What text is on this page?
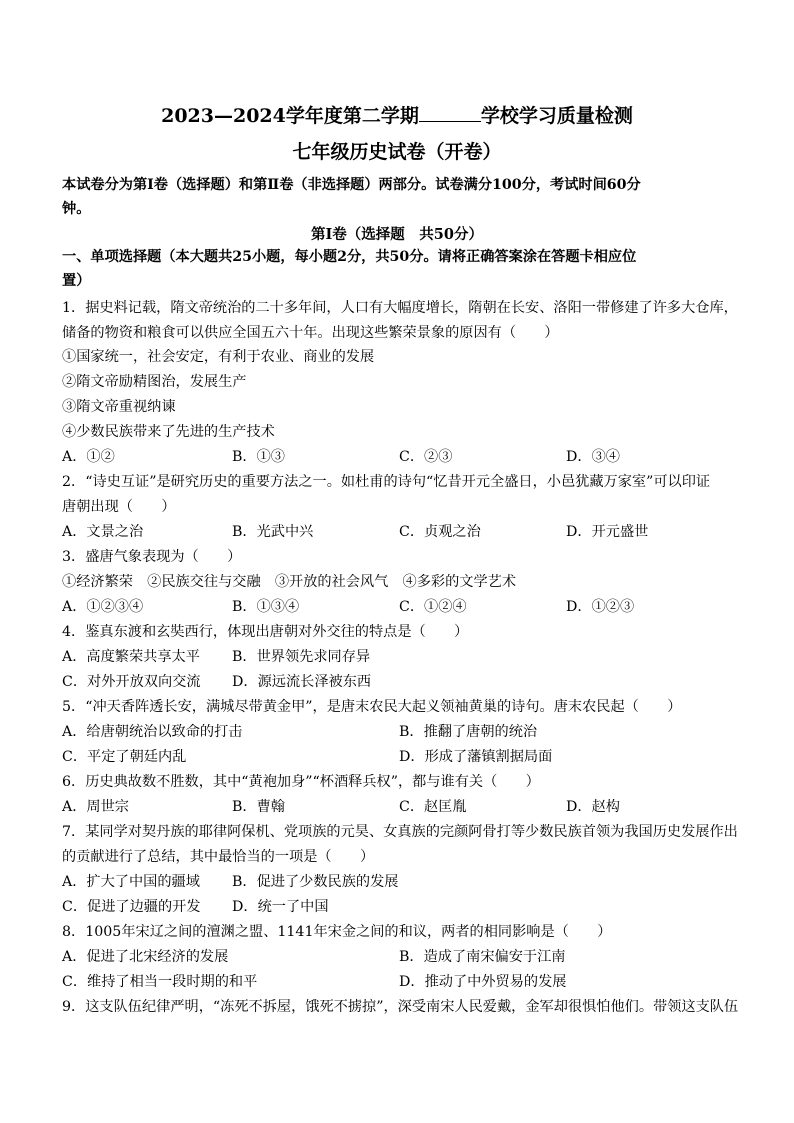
2023—2024学年度第二学期	学校学习质量检测
七年级历史试卷（开卷）
本试卷分为第Ⅰ卷（选择题）和第Ⅱ卷（非选择题）两部分。试卷满分100分，考试时间60分
钟。
第Ⅰ卷（选择题　共50分）
一、单项选择题（本大题共25小题，每小题2分，共50分。请将正确答案涂在答题卡相应位
置）
1．据史料记载，隋文帝统治的二十多年间，人口有大幅度增长，隋朝在长安、洛阳一带修建了许多大仓库，
储备的物资和粮食可以供应全国五六十年。出现这些繁荣景象的原因有（　　）
①国家统一，社会安定，有利于农业、商业的发展
②隋文帝励精图治，发展生产
③隋文帝重视纳谏
④少数民族带来了先进的生产技术
A．①②	B．①③	C．②③	D．③④
2．“诗史互证”是研究历史的重要方法之一。如杜甫的诗句“忆昔开元全盛日，小邑犹藏万家室”可以印证
唐朝出现（　　）
A．文景之治	B．光武中兴	C．贞观之治	D．开元盛世
3．盛唐气象表现为（　　）
①经济繁荣　②民族交往与交融　③开放的社会风气　④多彩的文学艺术
A．①②③④	B．①③④	C．①②④	D．①②③
4．鉴真东渡和玄奘西行，体现出唐朝对外交往的特点是（　　）
A．高度繁荣共享太平 B．世界领先求同存异
C．对外开放双向交流 D．源远流长泽被东西
5．“冲天香阵透长安，满城尽带黄金甲”，是唐末农民大起义领袖黄巢的诗句。唐末农民起（　　）
A．给唐朝统治以致命的打击	B．推翻了唐朝的统治
C．平定了朝廷内乱	D．形成了藩镇割据局面
6．历史典故数不胜数，其中“黄袍加身”“杯酒释兵权”，都与谁有关（　　）
A．周世宗	B．曹翰	C．赵匡胤	D．赵构
7．某同学对契丹族的耶律阿保机、党项族的元昊、女真族的完颜阿骨打等少数民族首领为我国历史发展作出
的贡献进行了总结，其中最恰当的一项是（　　）
A．扩大了中国的疆域 B．促进了少数民族的发展
C．促进了边疆的开发 D．统一了中国
8．1005年宋辽之间的澶渊之盟、1141年宋金之间的和议，两者的相同影响是（　　）
A．促进了北宋经济的发展	B．造成了南宋偏安于江南
C．维持了相当一段时期的和平	D．推动了中外贸易的发展
9．这支队伍纪律严明，“冻死不拆屋，饿死不掳掠”，深受南宋人民爱戴，金军却很惧怕他们。带领这支队伍
